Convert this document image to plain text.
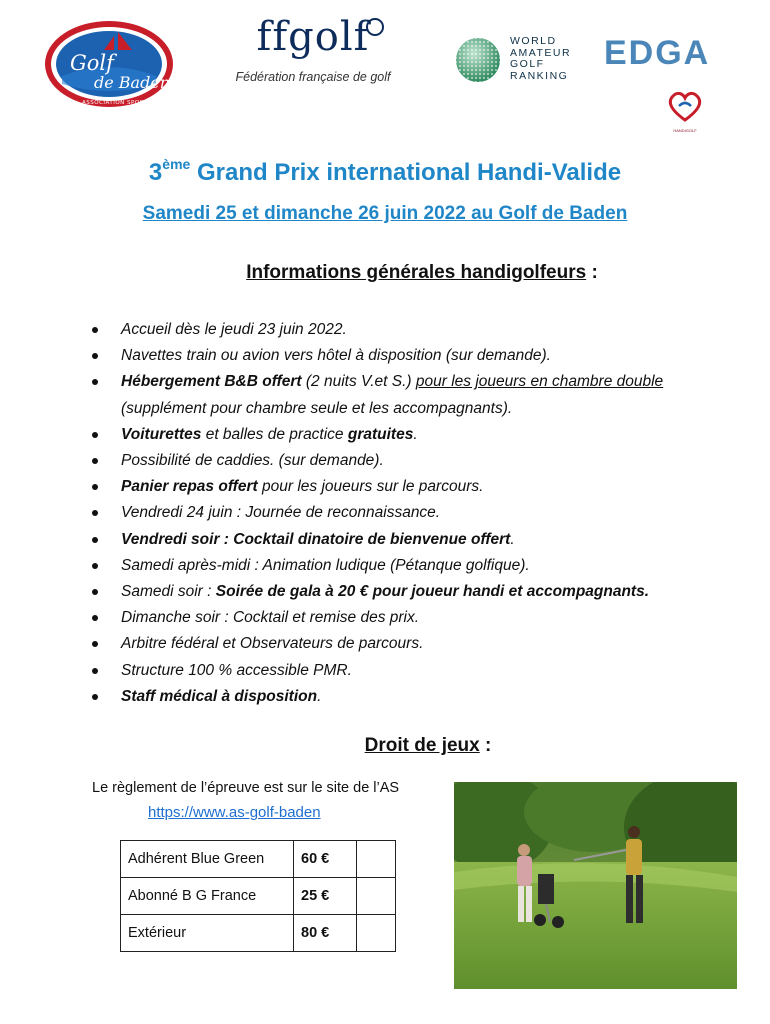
Golf
de Baden
ASSOCIATION SPORTIVE
ffgolf
Fédération française de golf
WORLD
AMATEUR
GOLF
RANKING
EDGA
HANDIGOLF
3ème Grand Prix international Handi-Valide
Samedi 25 et dimanche 26 juin 2022 au Golf de Baden
Informations générales handigolfeurs :
Accueil dès le jeudi 23 juin 2022.
Navettes train ou avion vers hôtel à disposition (sur demande).
Hébergement B&B offert (2 nuits V.et S.) pour les joueurs en chambre double (supplément pour chambre seule et les accompagnants).
Voiturettes et balles de practice gratuites.
Possibilité de caddies. (sur demande).
Panier repas offert pour les joueurs sur le parcours.
Vendredi 24 juin : Journée de reconnaissance.
Vendredi soir : Cocktail dinatoire de bienvenue offert.
Samedi après-midi : Animation ludique (Pétanque golfique).
Samedi soir : Soirée de gala à 20 € pour joueur handi et accompagnants.
Dimanche soir : Cocktail et remise des prix.
Arbitre fédéral et Observateurs de parcours.
Structure 100 % accessible PMR.
Staff médical à disposition.
Droit de jeux :
Le règlement de l’épreuve est sur le site de l’AS
https://www.as-golf-baden
Adhérent Blue Green	60 €	
Abonné B G France	25 €	
Extérieur	80 €	
